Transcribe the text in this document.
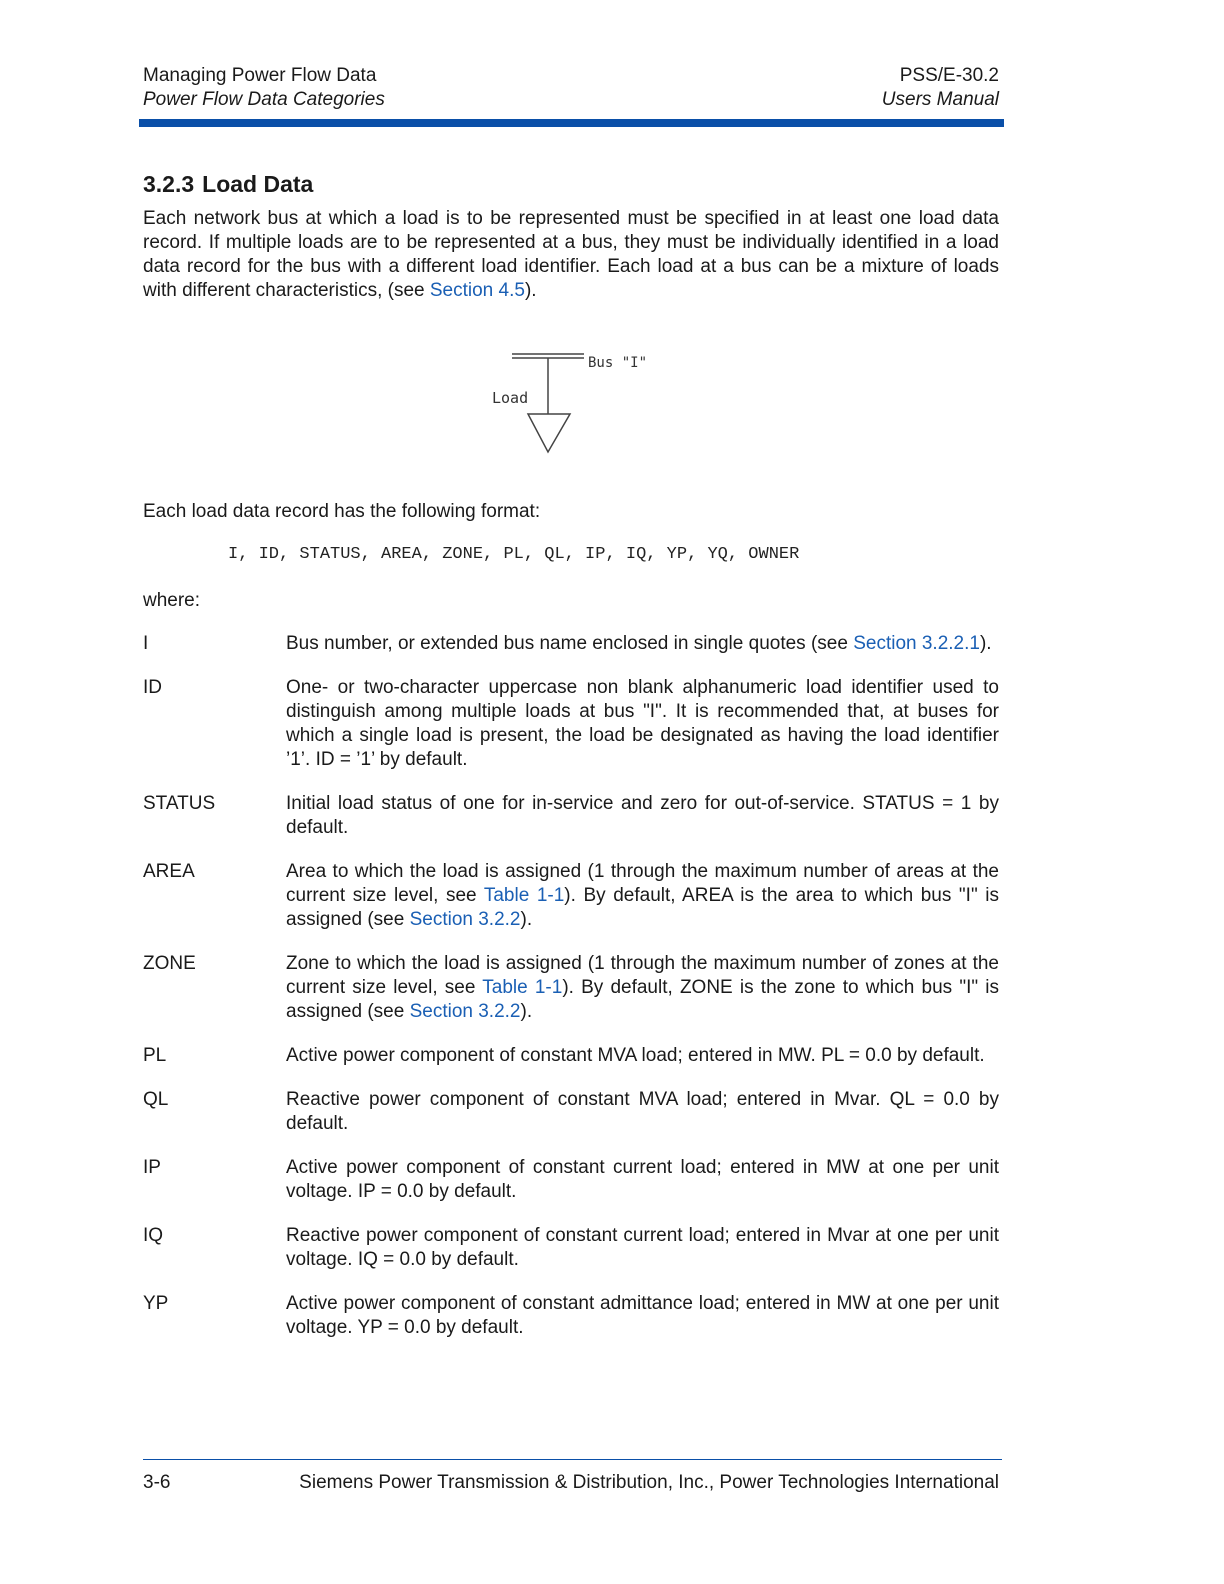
Managing Power Flow Data
Power Flow Data Categories
PSS/E-30.2
Users Manual
3.2.3 Load Data

Each network bus at which a load is to be represented must be specified in at least one load data record. If multiple loads are to be represented at a bus, they must be individually identified in a load data record for the bus with a different load identifier. Each load at a bus can be a mixture of loads with different characteristics, (see Section 4.5).

Bus "I"
Load

Each load data record has the following format:

I, ID, STATUS, AREA, ZONE, PL, QL, IP, IQ, YP, YQ, OWNER

where:

I	Bus number, or extended bus name enclosed in single quotes (see Section 3.2.2.1).
ID	One- or two-character uppercase non blank alphanumeric load identifier used to distinguish among multiple loads at bus "I". It is recommended that, at buses for which a single load is present, the load be designated as having the load identifier ’1’. ID = ’1’ by default.
STATUS	Initial load status of one for in-service and zero for out-of-service. STATUS = 1 by default.
AREA	Area to which the load is assigned (1 through the maximum number of areas at the current size level, see Table 1-1). By default, AREA is the area to which bus "I" is assigned (see Section 3.2.2).
ZONE	Zone to which the load is assigned (1 through the maximum number of zones at the current size level, see Table 1-1). By default, ZONE is the zone to which bus "I" is assigned (see Section 3.2.2).
PL	Active power component of constant MVA load; entered in MW. PL = 0.0 by default.
QL	Reactive power component of constant MVA load; entered in Mvar. QL = 0.0 by default.
IP	Active power component of constant current load; entered in MW at one per unit voltage. IP = 0.0 by default.
IQ	Reactive power component of constant current load; entered in Mvar at one per unit voltage. IQ = 0.0 by default.
YP	Active power component of constant admittance load; entered in MW at one per unit voltage. YP = 0.0 by default.
3-6	Siemens Power Transmission & Distribution, Inc., Power Technologies International
